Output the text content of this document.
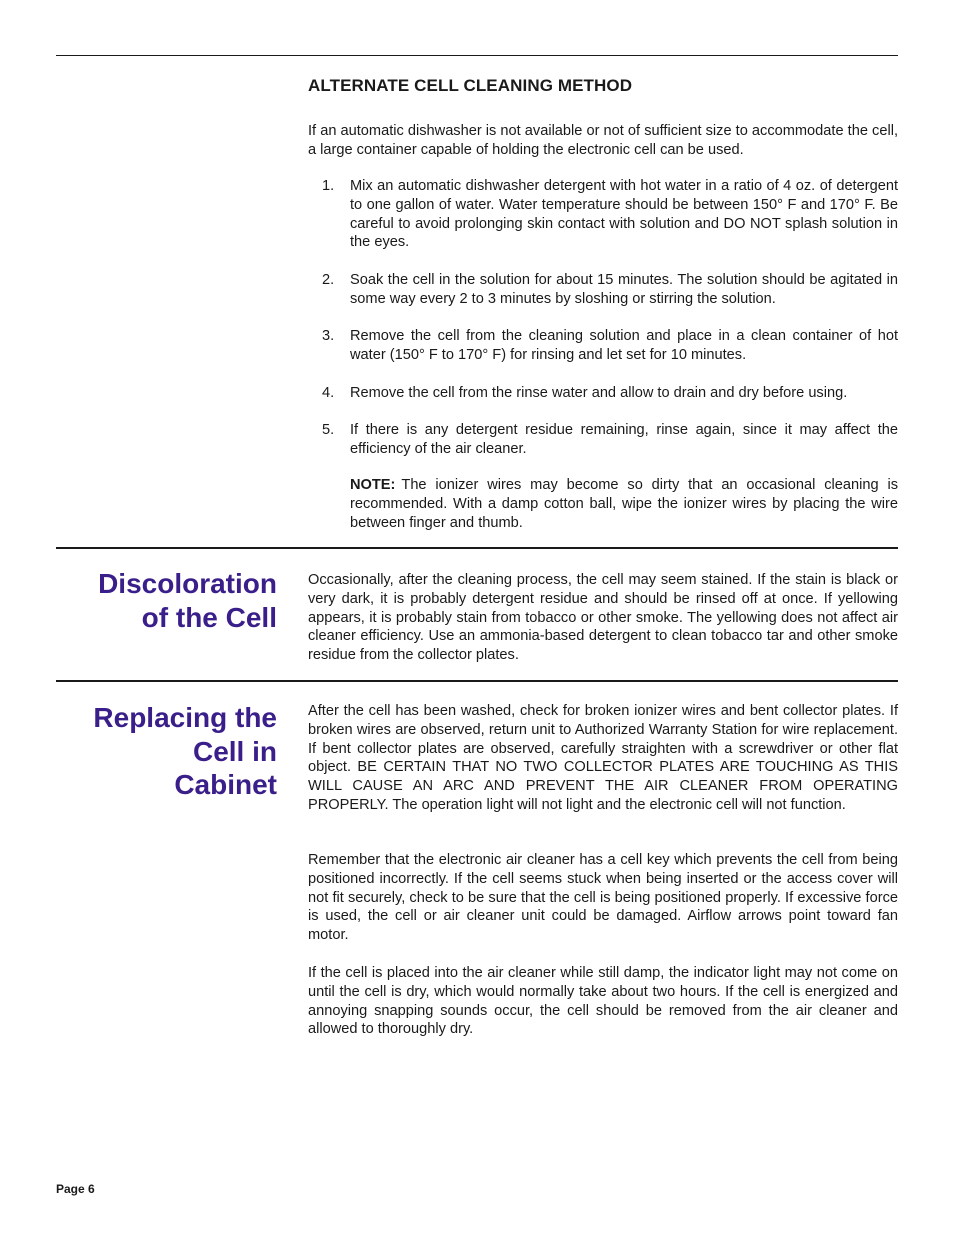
ALTERNATE CELL CLEANING METHOD

If an automatic dishwasher is not available or not of sufficient size to accommodate the cell, a large container capable of holding the electronic cell can be used.

1. Mix an automatic dishwasher detergent with hot water in a ratio of 4 oz. of detergent to one gallon of water. Water temperature should be between 150° F and 170° F. Be careful to avoid prolonging skin contact with solution and DO NOT splash solution in the eyes.
2. Soak the cell in the solution for about 15 minutes. The solution should be agitated in some way every 2 to 3 minutes by sloshing or stirring the solution.
3. Remove the cell from the cleaning solution and place in a clean container of hot water (150° F to 170° F) for rinsing and let set for 10 minutes.
4. Remove the cell from the rinse water and allow to drain and dry before using.
5. If there is any detergent residue remaining, rinse again, since it may affect the efficiency of the air cleaner.

NOTE: The ionizer wires may become so dirty that an occasional cleaning is recommended. With a damp cotton ball, wipe the ionizer wires by placing the wire between finger and thumb.

Discoloration
of the Cell

Occasionally, after the cleaning process, the cell may seem stained. If the stain is black or very dark, it is probably detergent residue and should be rinsed off at once. If yellowing appears, it is probably stain from tobacco or other smoke. The yellowing does not affect air cleaner efficiency. Use an ammonia-based detergent to clean tobacco tar and other smoke residue from the collector plates.

Replacing the
Cell in
Cabinet

After the cell has been washed, check for broken ionizer wires and bent collector plates. If broken wires are observed, return unit to Authorized Warranty Station for wire replacement. If bent collector plates are observed, carefully straighten with a screwdriver or other flat object. BE CERTAIN THAT NO TWO COLLECTOR PLATES ARE TOUCHING AS THIS WILL CAUSE AN ARC AND PREVENT THE AIR CLEANER FROM OPERATING PROPERLY. The operation light will not light and the electronic cell will not function.

Remember that the electronic air cleaner has a cell key which prevents the cell from being positioned incorrectly. If the cell seems stuck when being inserted or the access cover will not fit securely, check to be sure that the cell is being positioned properly. If excessive force is used, the cell or air cleaner unit could be damaged. Airflow arrows point toward fan motor.

If the cell is placed into the air cleaner while still damp, the indicator light may not come on until the cell is dry, which would normally take about two hours. If the cell is energized and annoying snapping sounds occur, the cell should be removed from the air cleaner and allowed to thoroughly dry.

Page 6
